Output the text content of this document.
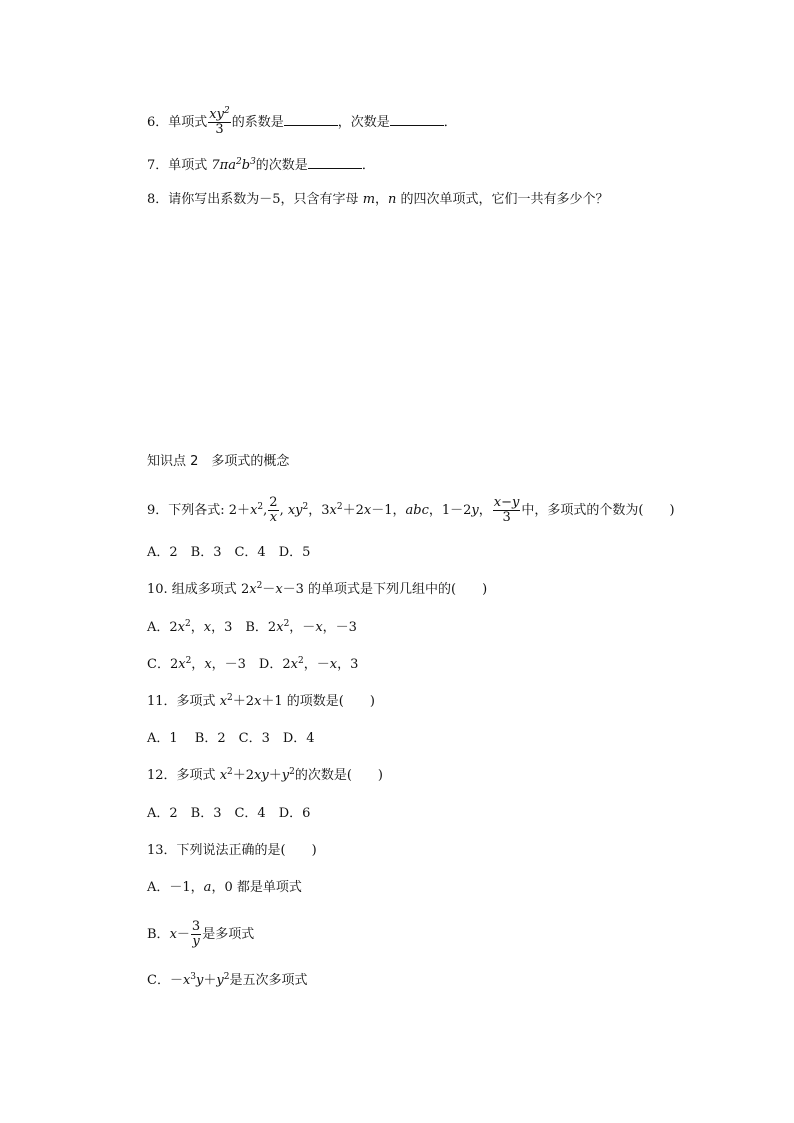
6．单项式 $\frac{xy^2}{3}$ 的系数是	，次数是	．
7．单项式 $7\pi a^2b^3$的次数是	．
8．请你写出系数为－5，只含有字母 m，n 的四次单项式，它们一共有多少个？
知识点 2　多项式的概念
9．下列各式: $2+x^2$, $\frac{2}{x}$ , $xy^2$，$3x^2+2x-1$，abc，1－2y， $\frac{x-y}{3}$ 中，多项式的个数为(　　)
A．2　B．3　C．4　D．5
10. 组成多项式 $2x^2-x-3$ 的单项式是下列几组中的(　　)
A．$2x^2$，x，3　B．$2x^2$，－x，－3
C．$2x^2$，x，－3　D．$2x^2$，－x，3
11．多项式 $x^2+2x+1$ 的项数是(　　)
A．1　 B．2　C．3　D．4
12．多项式 $x^2+2xy+y^2$的次数是(　　)
A．2　B．3　C．4　D．6
13．下列说法正确的是(　　)
A．－1，a，0 都是单项式
B．$x- \frac{3}{y}$ 是多项式
C．$-x^3y+y^2$是五次多项式
